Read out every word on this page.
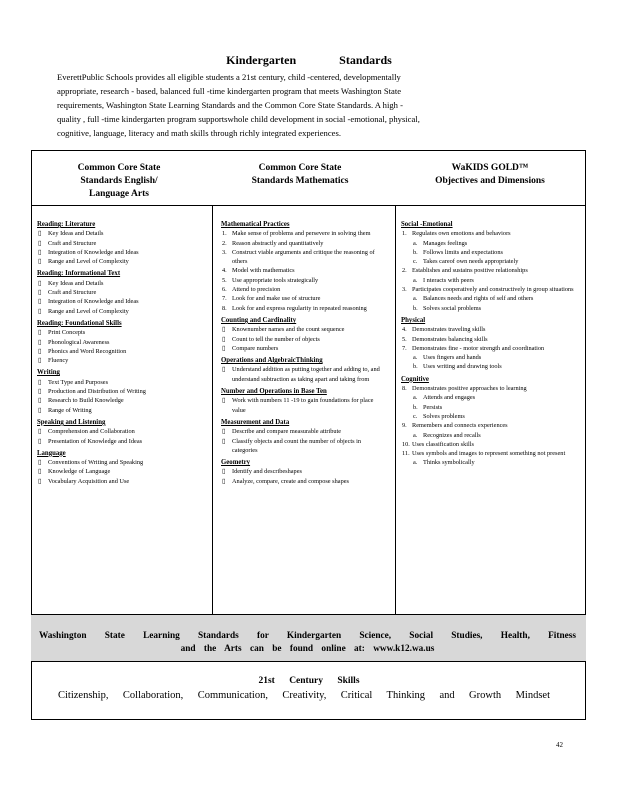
Kindergarten Standards

EverettPublic Schools provides all eligible students a 21st century, child -centered, developmentally

appropriate, research - based, balanced full -time kindergarten program that meets Washington State

requirements, Washington State Learning Standards and the Common Core State Standards. A high -

quality , full -time kindergarten program supportswhole child development in social -emotional, physical,

cognitive, language, literacy and math skills through richly integrated experiences.

Common Core State

Standards English/

Language Arts

Common Core State

Standards Mathematics

WaKIDS GOLD™

Objectives and Dimensions

Reading: Literature
▯ Key Ideas and Details
▯ Craft and Structure
▯ Integration of Knowledge and Ideas
▯ Range and Level of Complexity
Reading: Informational Text
▯ Key Ideas and Details
▯ Craft and Structure
▯ Integration of Knowledge and Ideas
▯ Range and Level of Complexity
Reading: Foundational Skills
▯ Print Concepts
▯ Phonological Awareness
▯ Phonics and Word Recognition
▯ Fluency
Writing
▯ Text Type and Purposes
▯ Production and Distribution of Writing
▯ Research to Build Knowledge
▯ Range of Writing
Speaking and Listening
▯ Comprehension and Collaboration
▯ Presentation of Knowledge and Ideas
Language
▯ Conventions of Writing and Speaking
▯ Knowledge of Language
▯ Vocabulary Acquisition and Use
Mathematical Practices
1. Make sense of problems and persevere in solving them
2. Reason abstractly and quantitatively
3. Construct viable arguments and critique the reasoning of others
4. Model with mathematics
5. Use appropriate tools strategically
6. Attend to precision
7. Look for and make use of structure
8. Look for and express regularity in repeated reasoning
Counting and Cardinality
▯ Knownumber names and the count sequence
▯ Count to tell the number of objects
▯ Compare numbers
Operations and AlgebraicThinking
▯ Understand addition as putting together and adding to, and understand subtraction as taking apart and taking from
Number and Operations in Base Ten
▯ Work with numbers 11 -19 to gain foundations for place value
Measurement and Data
▯ Describe and compare measurable attribute
▯ Classify objects and count the number of objects in categories
Geometry
▯ Identify and describeshapes
▯ Analyze, compare, create and compose shapes
Social -Emotional
1. Regulates own emotions and behaviors
a. Manages feelings
b. Follows limits and expectations
c. Takes careof own needs appropriately
2. Establishes and sustains positive relationships
a. I nteracts with peers
3. Participates cooperatively and constructively in group situations
a. Balances needs and rights of self and others
b. Solves social problems
Physical
4. Demonstrates traveling skills
5. Demonstrates balancing skills
7. Demonstrates fine - motor strength and coordination
a. Uses fingers and hands
b. Uses writing and drawing tools
Cognitive
8. Demonstrates positive approaches to learning
a. Attends and engages
b. Persists
c. Solves problems
9. Remembers and connects experiences
a. Recognizes and recalls
10. Uses classification skills
11. Uses symbols and images to represent something not present
a. Thinks symbolically

Washington State Learning Standards for Kindergarten Science, Social Studies, Health, Fitness

and the Arts can be found online at: www.k12.wa.us

21st Century Skills
Citizenship, Collaboration, Communication, Creativity, Critical Thinking and Growth Mindset
42
